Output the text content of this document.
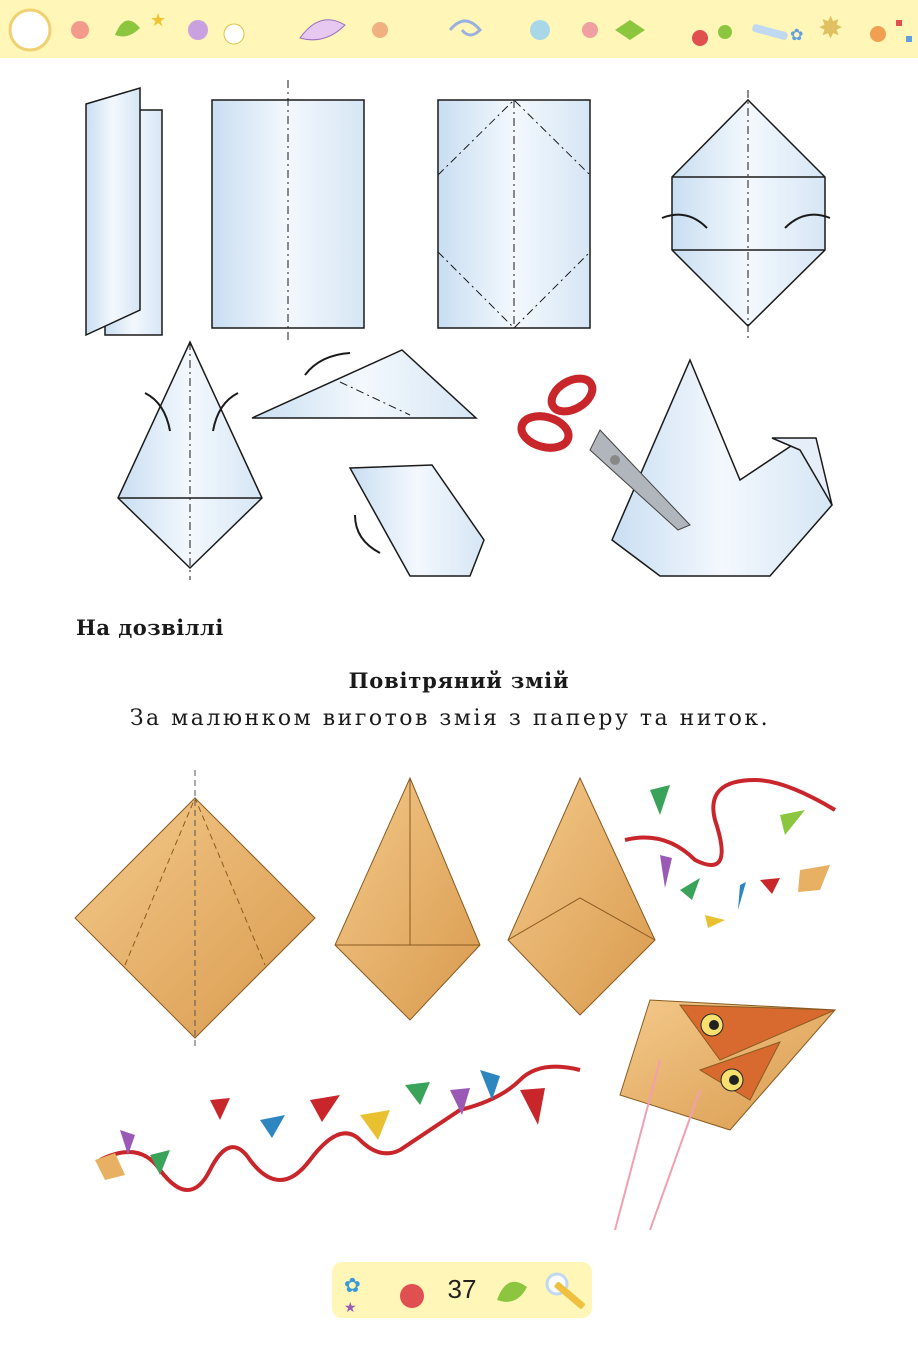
★
✿ ✸
На дозвіллі
Повітряний змій
За малюнком виготов змія з паперу та ниток.
✿
★
37
